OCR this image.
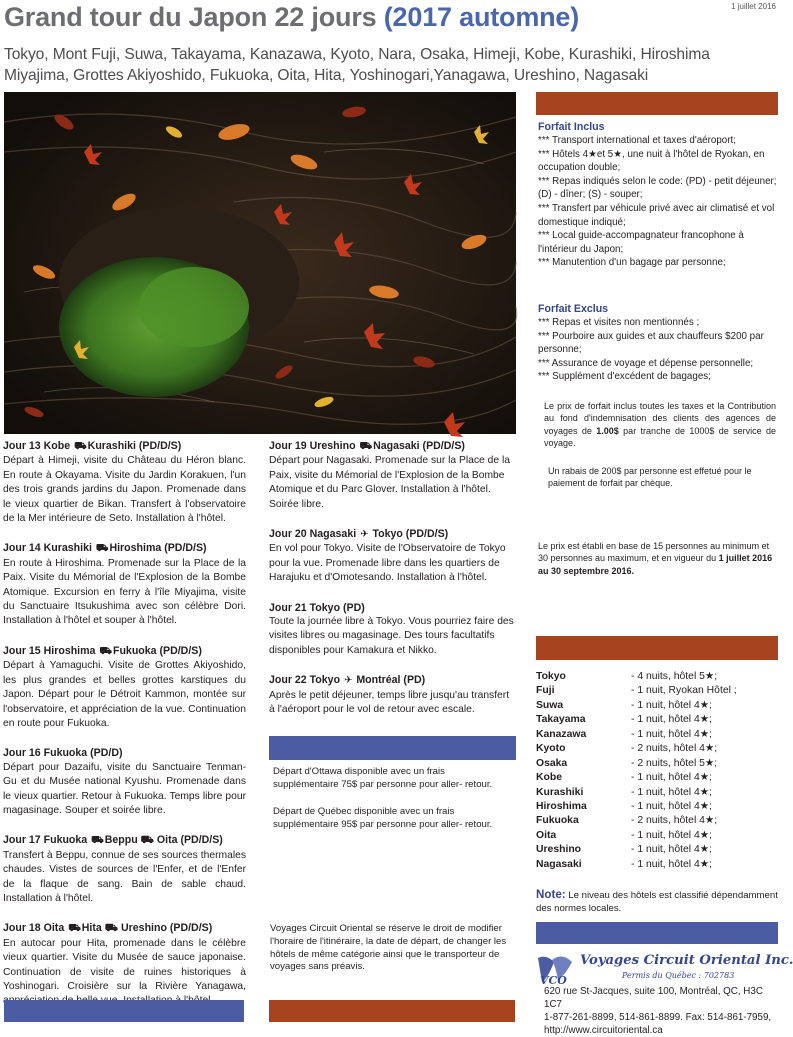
Grand tour du Japon 22 jours (2017 automne)	1 juillet 2016
Tokyo, Mont Fuji, Suwa, Takayama, Kanazawa, Kyoto, Nara, Osaka, Himeji, Kobe, Kurashiki, Hiroshima
Miyajima, Grottes Akiyoshido, Fukuoka, Oita, Hita, Yoshinogari,Yanagawa, Ureshino, Nagasaki
Forfait Inclus
*** Transport international et taxes d'aéroport;
*** Hôtels 4★et 5★, une nuit à l'hôtel de Ryokan, en occupation double;
*** Repas indiqués selon le code: (PD) - petit déjeuner; (D) - dîner; (S) - souper;
*** Transfert par véhicule privé avec air climatisé et vol domestique indiqué;
*** Local guide-accompagnateur francophone à l'intérieur du Japon;
*** Manutention d'un bagage par personne;
Forfait Exclus
*** Repas et visites non mentionnés ;
*** Pourboire aux guides et aux chauffeurs $200 par personne;
*** Assurance de voyage et dépense personnelle;
*** Supplément d'excédent de bagages;
Le prix de forfait inclus toutes les taxes et la Contribution au fond d'indemnisation des clients des agences de voyages de 1.00$ par tranche de 1000$ de service de voyage.
Un rabais de 200$ par personne est effetué pour le paiement de forfait par chèque.
Le prix est établi en base de 15 personnes au minimum et 30 personnes au maximum, et en vigueur du 1 juillet 2016 au 30 septembre 2016.
Tokyo	- 4 nuits, hôtel 5★;
Fuji	- 1 nuit, Ryokan Hôtel ;
Suwa	- 1 nuit, hôtel 4★;
Takayama	- 1 nuit, hôtel 4★;
Kanazawa	- 1 nuit, hôtel 4★;
Kyoto	- 2 nuits, hôtel 4★;
Osaka	- 2 nuits, hôtel 5★;
Kobe	- 1 nuit, hôtel 4★;
Kurashiki	- 1 nuit, hôtel 4★;
Hiroshima	- 1 nuit, hôtel 4★;
Fukuoka	- 2 nuits, hôtel 4★;
Oita	- 1 nuit, hôtel 4★;
Ureshino	- 1 nuit, hôtel 4★;
Nagasaki	- 1 nuit, hôtel 4★;
Note: Le niveau des hôtels est classifié dépendamment des normes locales.
VCO
Voyages Circuit Oriental Inc.
Permis du Québec : 702783
620 rue St-Jacques, suite 100, Montréal, QC, H3C 1C7
1-877-261-8899, 514-861-8899. Fax: 514-861-7959,
http://www.circuitoriental.ca
Jour 13 Kobe ⛟Kurashiki (PD/D/S)
Départ à Himeji, visite du Château du Héron blanc. En route à Okayama. Visite du Jardin Korakuen, l'un des trois grands jardins du Japon. Promenade dans le vieux quartier de Bikan. Transfert à l'observatoire de la Mer intérieure de Seto. Installation à l'hôtel.
Jour 14 Kurashiki ⛟Hiroshima (PD/D/S)
En route à Hiroshima. Promenade sur la Place de la Paix. Visite du Mémorial de l'Explosion de la Bombe Atomique. Excursion en ferry à l'île Miyajima, visite du Sanctuaire Itsukushima avec son célèbre Dori. Installation à l'hôtel et souper à l'hôtel.
Jour 15 Hiroshima ⛟Fukuoka (PD/D/S)
Départ à Yamaguchi. Visite de Grottes Akiyoshido, les plus grandes et belles grottes karstiques du Japon. Départ pour le Détroit Kammon, montée sur l'observatoire, et appréciation de la vue. Continuation en route pour Fukuoka.
Jour 16 Fukuoka (PD/D)
Départ pour Dazaifu, visite du Sanctuaire Tenman-Gu et du Musée national Kyushu. Promenade dans le vieux quartier. Retour à Fukuoka. Temps libre pour magasinage. Souper et soirée libre.
Jour 17 Fukuoka ⛟Beppu ⛟ Oita (PD/D/S)
Transfert à Beppu, connue de ses sources thermales chaudes. Vistes de sources de l'Enfer, et de l'Enfer de la flaque de sang. Bain de sable chaud. Installation à l'hôtel.
Jour 18 Oita ⛟Hita ⛟ Ureshino (PD/D/S)
En autocar pour Hita, promenade dans le célèbre vieux quartier. Visite du Musée de sauce japonaise. Continuation de visite de ruines historiques à Yoshinogari. Croisière sur la Rivière Yanagawa,
Jour 19 Ureshino ⛟Nagasaki (PD/D/S)
Départ pour Nagasaki. Promenade sur la Place de la Paix, visite du Mémorial de l'Explosion de la Bombe Atomique et du Parc Glover. Installation à l'hôtel. Soirée libre.
Jour 20 Nagasaki ✈ Tokyo (PD/D/S)
En vol pour Tokyo. Visite de l'Observatoire de Tokyo pour la vue. Promenade libre dans les quartiers de Harajuku et d'Omotesando. Installation à l'hôtel.
Jour 21 Tokyo (PD)
Toute la journée libre à Tokyo. Vous pourriez faire des visites libres ou magasinage. Des tours facultatifs disponibles pour Kamakura et Nikko.
Jour 22 Tokyo ✈ Montréal (PD)
Après le petit déjeuner, temps libre jusqu'au transfert à l'aéroport pour le vol de retour avec escale.
Départ d'Ottawa disponible avec un frais supplémentaire 75$ par personne pour aller- retour.
Départ de Québec disponible avec un frais supplémentaire 95$ par personne pour aller- retour.
Voyages Circuit Oriental se réserve le droit de modifier l'horaire de l'itinéraire, la date de départ, de changer les hôtels de même catégorie ainsi que le transporteur de voyages sans préavis.
